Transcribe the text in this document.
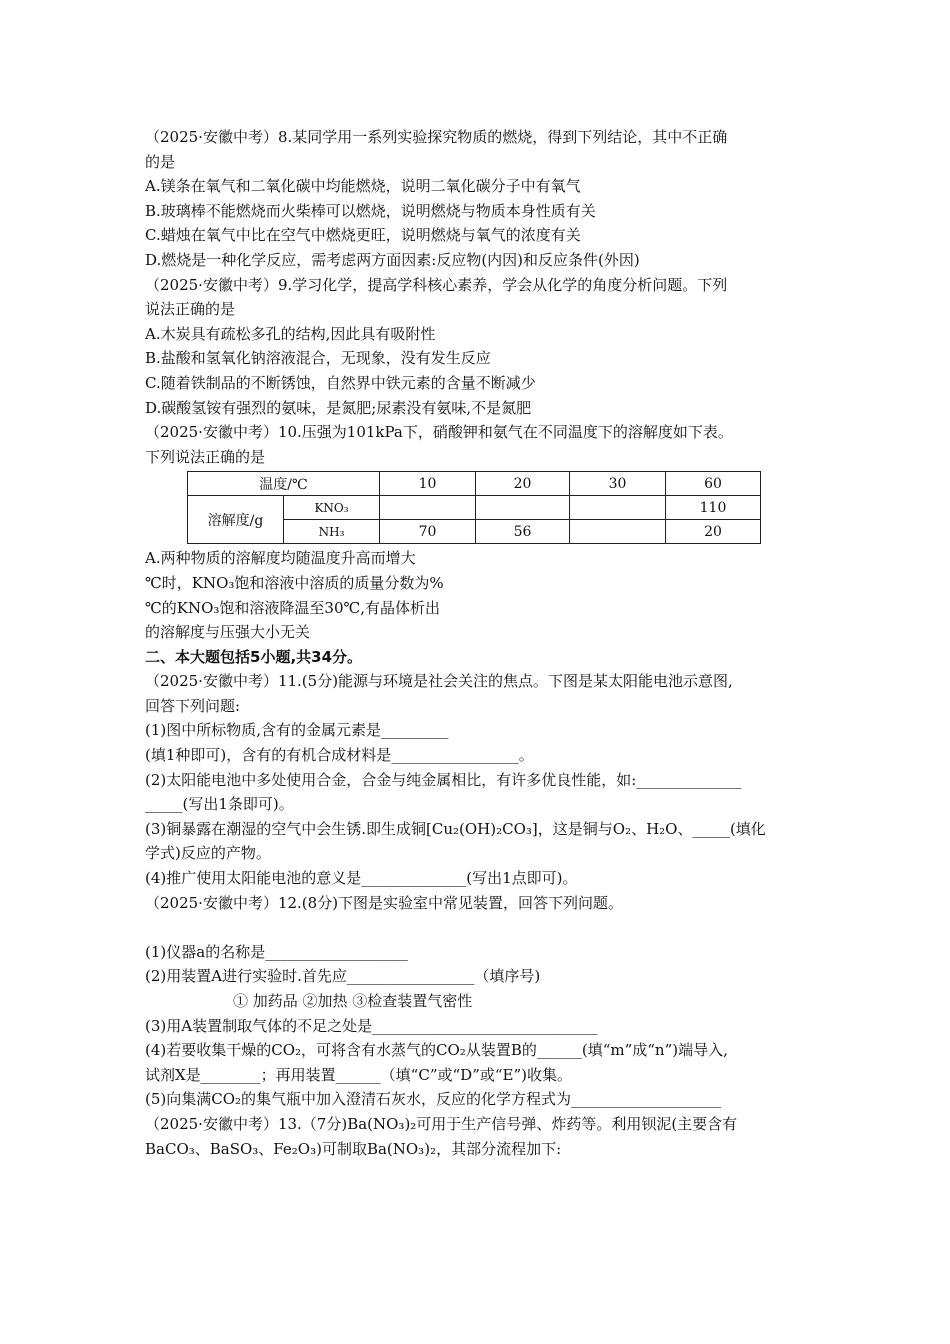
（2025·安徽中考）8.某同学用一系列实验探究物质的燃烧，得到下列结论，其中不正确
的是
A.镁条在氧气和二氧化碳中均能燃烧，说明二氧化碳分子中有氧气
B.玻璃棒不能燃烧而火柴棒可以燃烧，说明燃烧与物质本身性质有关
C.蜡烛在氧气中比在空气中燃烧更旺，说明燃烧与氧气的浓度有关
D.燃烧是一种化学反应，需考虑两方面因素:反应物(内因)和反应条件(外因)
（2025·安徽中考）9.学习化学，提高学科核心素养，学会从化学的角度分析问题。下列
说法正确的是
A.木炭具有疏松多孔的结构,因此具有吸附性
B.盐酸和氢氧化钠溶液混合，无现象，没有发生反应
C.随着铁制品的不断锈蚀，自然界中铁元素的含量不断减少
D.碳酸氢铵有强烈的氨味，是氮肥;尿素没有氨味,不是氮肥
（2025·安徽中考）10.压强为101kPa下，硝酸钾和氨气在不同温度下的溶解度如下表。
下列说法正确的是
温度/℃		10	20	30	60
溶解度/g	KNO₃				110
	NH₃	70	56		20
A.两种物质的溶解度均随温度升高而增大
℃时，KNO₃饱和溶液中溶质的质量分数为%
℃的KNO₃饱和溶液降温至30℃,有晶体析出
的溶解度与压强大小无关
二、本大题包括5小题,共34分。
（2025·安徽中考）11.(5分)能源与环境是社会关注的焦点。下图是某太阳能电池示意图,
回答下列问题:
(1)图中所标物质,含有的金属元素是_________
(填1种即可)，含有的有机合成材料是_________________。
(2)太阳能电池中多处使用合金，合金与纯金属相比，有许多优良性能，如:______________
_____(写出1条即可)。
(3)铜暴露在潮湿的空气中会生锈.即生成铜[Cu₂(OH)₂CO₃]，这是铜与O₂、H₂O、_____(填化
学式)反应的产物。
(4)推广使用太阳能电池的意义是______________(写出1点即可)。
（2025·安徽中考）12.(8分)下图是实验室中常见装置，回答下列问题。
(1)仪器a的名称是___________________
(2)用装置A进行实验时.首先应_________________（填序号)
① 加药品 ②加热 ③检查装置气密性
(3)用A装置制取气体的不足之处是______________________________
(4)若要收集干燥的CO₂，可将含有水蒸气的CO₂从装置B的______(填“m”成“n”)端导入,
试剂X是________；再用装置______（填“C”或“D”或“E”)收集。
(5)向集满CO₂的集气瓶中加入澄清石灰水，反应的化学方程式为____________________
（2025·安徽中考）13.（7分)Ba(NO₃)₂可用于生产信号弹、炸药等。利用钡泥(主要含有
BaCO₃、BaSO₃、Fe₂O₃)可制取Ba(NO₃)₂，其部分流程加下:
